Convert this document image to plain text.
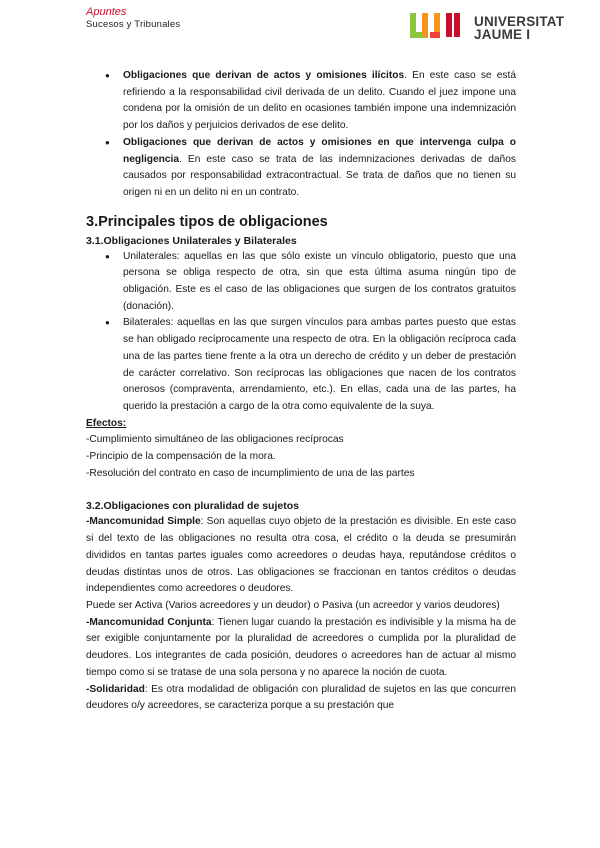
Apuntes
Sucesos y Tribunales	UNIVERSITAT
JAUME I
● Obligaciones que derivan de actos y omisiones ilícitos. En este caso se está refiriendo a la responsabilidad civil derivada de un delito. Cuando el juez impone una condena por la omisión de un delito en ocasiones también impone una indemnización por los daños y perjuicios derivados de ese delito.
● Obligaciones que derivan de actos y omisiones en que intervenga culpa o negligencia. En este caso se trata de las indemnizaciones derivadas de daños causados por responsabilidad extracontractual. Se trata de daños que no tienen su origen ni en un delito ni en un contrato.
3.Principales tipos de obligaciones
3.1.Obligaciones Unilaterales y Bilaterales
● Unilaterales: aquellas en las que sólo existe un vínculo obligatorio, puesto que una persona se obliga respecto de otra, sin que esta última asuma ningún tipo de obligación. Este es el caso de las obligaciones que surgen de los contratos gratuitos (donación).
● Bilaterales: aquellas en las que surgen vínculos para ambas partes puesto que estas se han obligado recíprocamente una respecto de otra. En la obligación recíproca cada una de las partes tiene frente a la otra un derecho de crédito y un deber de prestación de carácter correlativo. Son recíprocas las obligaciones que nacen de los contratos onerosos (compraventa, arrendamiento, etc.). En ellas, cada una de las partes, ha querido la prestación a cargo de la otra como equivalente de la suya.

Efectos:

-Cumplimiento simultáneo de las obligaciones recíprocas

-Principio de la compensación de la mora.

-Resolución del contrato en caso de incumplimiento de una de las partes

3.2.Obligaciones con pluralidad de sujetos

-Mancomunidad Simple: Son aquellas cuyo objeto de la prestación es divisible. En este caso si del texto de las obligaciones no resulta otra cosa, el crédito o la deuda se presumirán divididos en tantas partes iguales como acreedores o deudas haya, reputándose créditos o deudas distintas unos de otros. Las obligaciones se fraccionan en tantos créditos o deudas independientes como acreedores o deudores.

Puede ser Activa (Varios acreedores y un deudor) o Pasiva (un acreedor y varios deudores)

-Mancomunidad Conjunta: Tienen lugar cuando la prestación es indivisible y la misma ha de ser exigible conjuntamente por la pluralidad de acreedores o cumplida por la pluralidad de deudores. Los integrantes de cada posición, deudores o acreedores han de actuar al mismo tiempo como si se tratase de una sola persona y no aparece la noción de cuota.

-Solidaridad: Es otra modalidad de obligación con pluralidad de sujetos en las que concurren deudores o/y acreedores, se caracteriza porque a su prestación que
